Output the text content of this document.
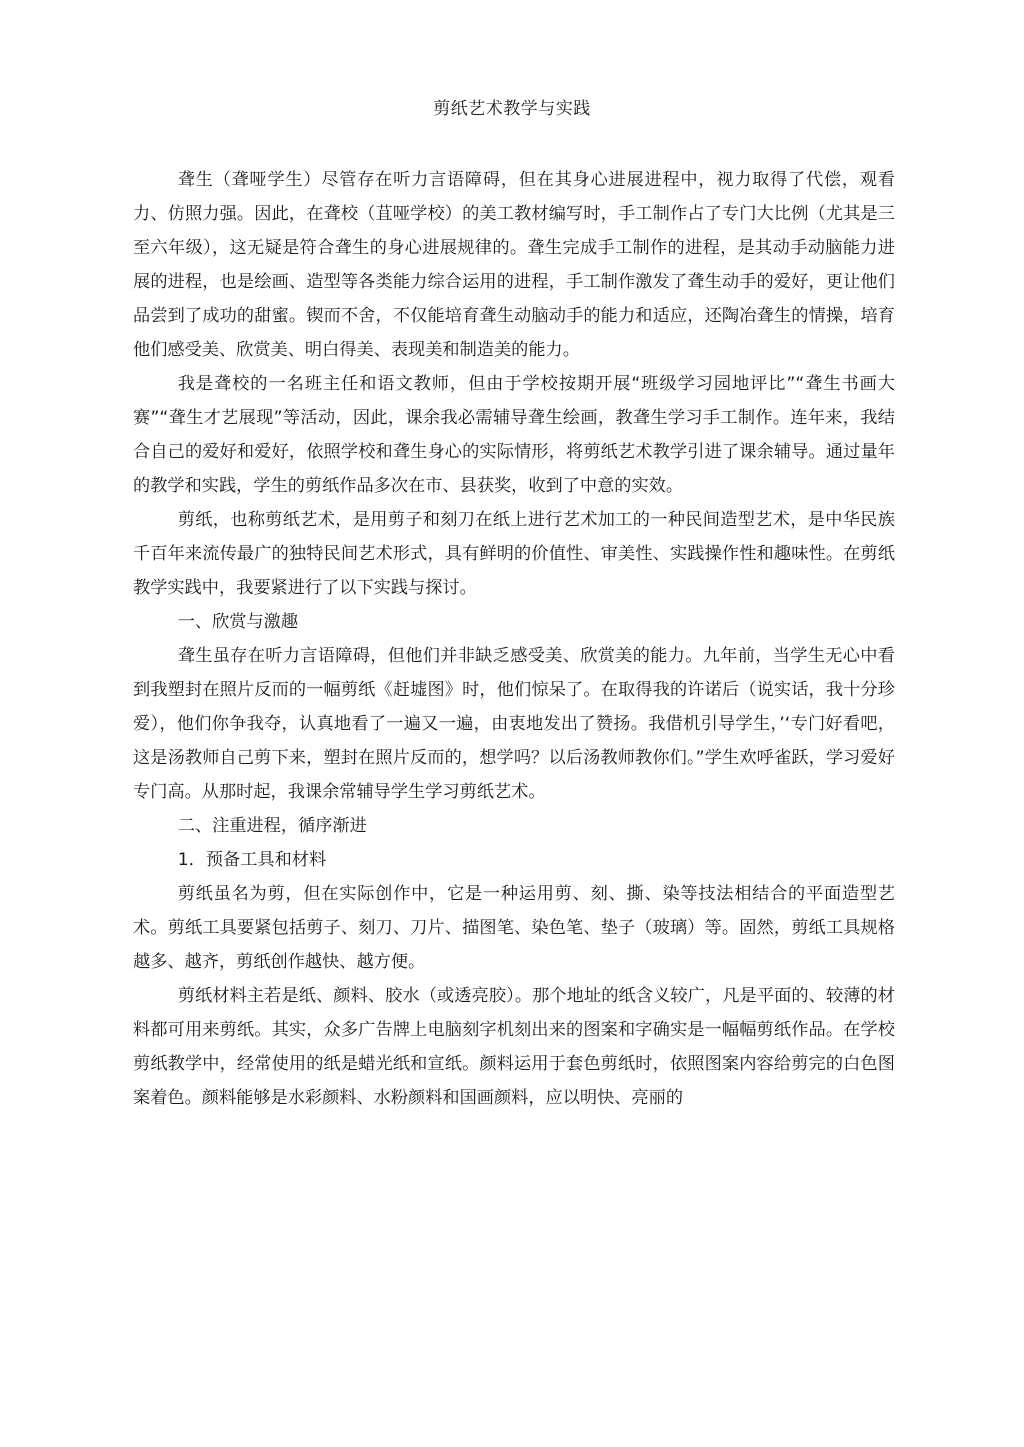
剪纸艺术教学与实践

聋生（聋哑学生）尽管存在听力言语障碍，但在其身心进展进程中，视力取得了代偿，观看力、仿照力强。因此，在聋校（苴哑学校）的美工教材编写时，手工制作占了专门大比例（尤其是三至六年级），这无疑是符合聋生的身心进展规律的。聋生完成手工制作的进程，是其动手动脑能力进展的进程，也是绘画、造型等各类能力综合运用的进程，手工制作激发了聋生动手的爱好，更让他们品尝到了成功的甜蜜。锲而不舍，不仅能培育聋生动脑动手的能力和适应，还陶冶聋生的情操，培育他们感受美、欣赏美、明白得美、表现美和制造美的能力。

我是聋校的一名班主任和语文教师，但由于学校按期开展“班级学习园地评比”“聋生书画大赛”“聋生才艺展现”等活动，因此，课余我必需辅导聋生绘画，教聋生学习手工制作。连年来，我结合自己的爱好和爱好，依照学校和聋生身心的实际情形，将剪纸艺术教学引进了课余辅导。通过量年的教学和实践，学生的剪纸作品多次在市、县获奖，收到了中意的实效。

剪纸，也称剪纸艺术，是用剪子和刻刀在纸上进行艺术加工的一种民间造型艺术，是中华民族千百年来流传最广的独特民间艺术形式，具有鲜明的价值性、审美性、实践操作性和趣味性。在剪纸教学实践中，我要紧进行了以下实践与探讨。

一、欣赏与激趣

聋生虽存在听力言语障碍，但他们并非缺乏感受美、欣赏美的能力。九年前，当学生无心中看到我塑封在照片反而的一幅剪纸《赶墟图》时，他们惊呆了。在取得我的许诺后（说实话，我十分珍爱），他们你争我夺，认真地看了一遍又一遍，由衷地发出了赞扬。我借机引导学生，’‘专门好看吧，这是汤教师自己剪下来，塑封在照片反而的，想学吗？以后汤教师教你们。”学生欢呼雀跃，学习爱好专门高。从那时起，我课余常辅导学生学习剪纸艺术。

二、注重进程，循序渐进

1．预备工具和材料

剪纸虽名为剪，但在实际创作中，它是一种运用剪、刻、撕、染等技法相结合的平面造型艺术。剪纸工具要紧包括剪子、刻刀、刀片、描图笔、染色笔、垫子（玻璃）等。固然，剪纸工具规格越多、越齐，剪纸创作越快、越方便。

剪纸材料主若是纸、颜料、胶水（或透亮胶）。那个地址的纸含义较广，凡是平面的、较薄的材料都可用来剪纸。其实，众多广告牌上电脑刻字机刻出来的图案和字确实是一幅幅剪纸作品。在学校剪纸教学中，经常使用的纸是蜡光纸和宣纸。颜料运用于套色剪纸时，依照图案内容给剪完的白色图案着色。颜料能够是水彩颜料、水粉颜料和国画颜料，应以明快、亮丽的
